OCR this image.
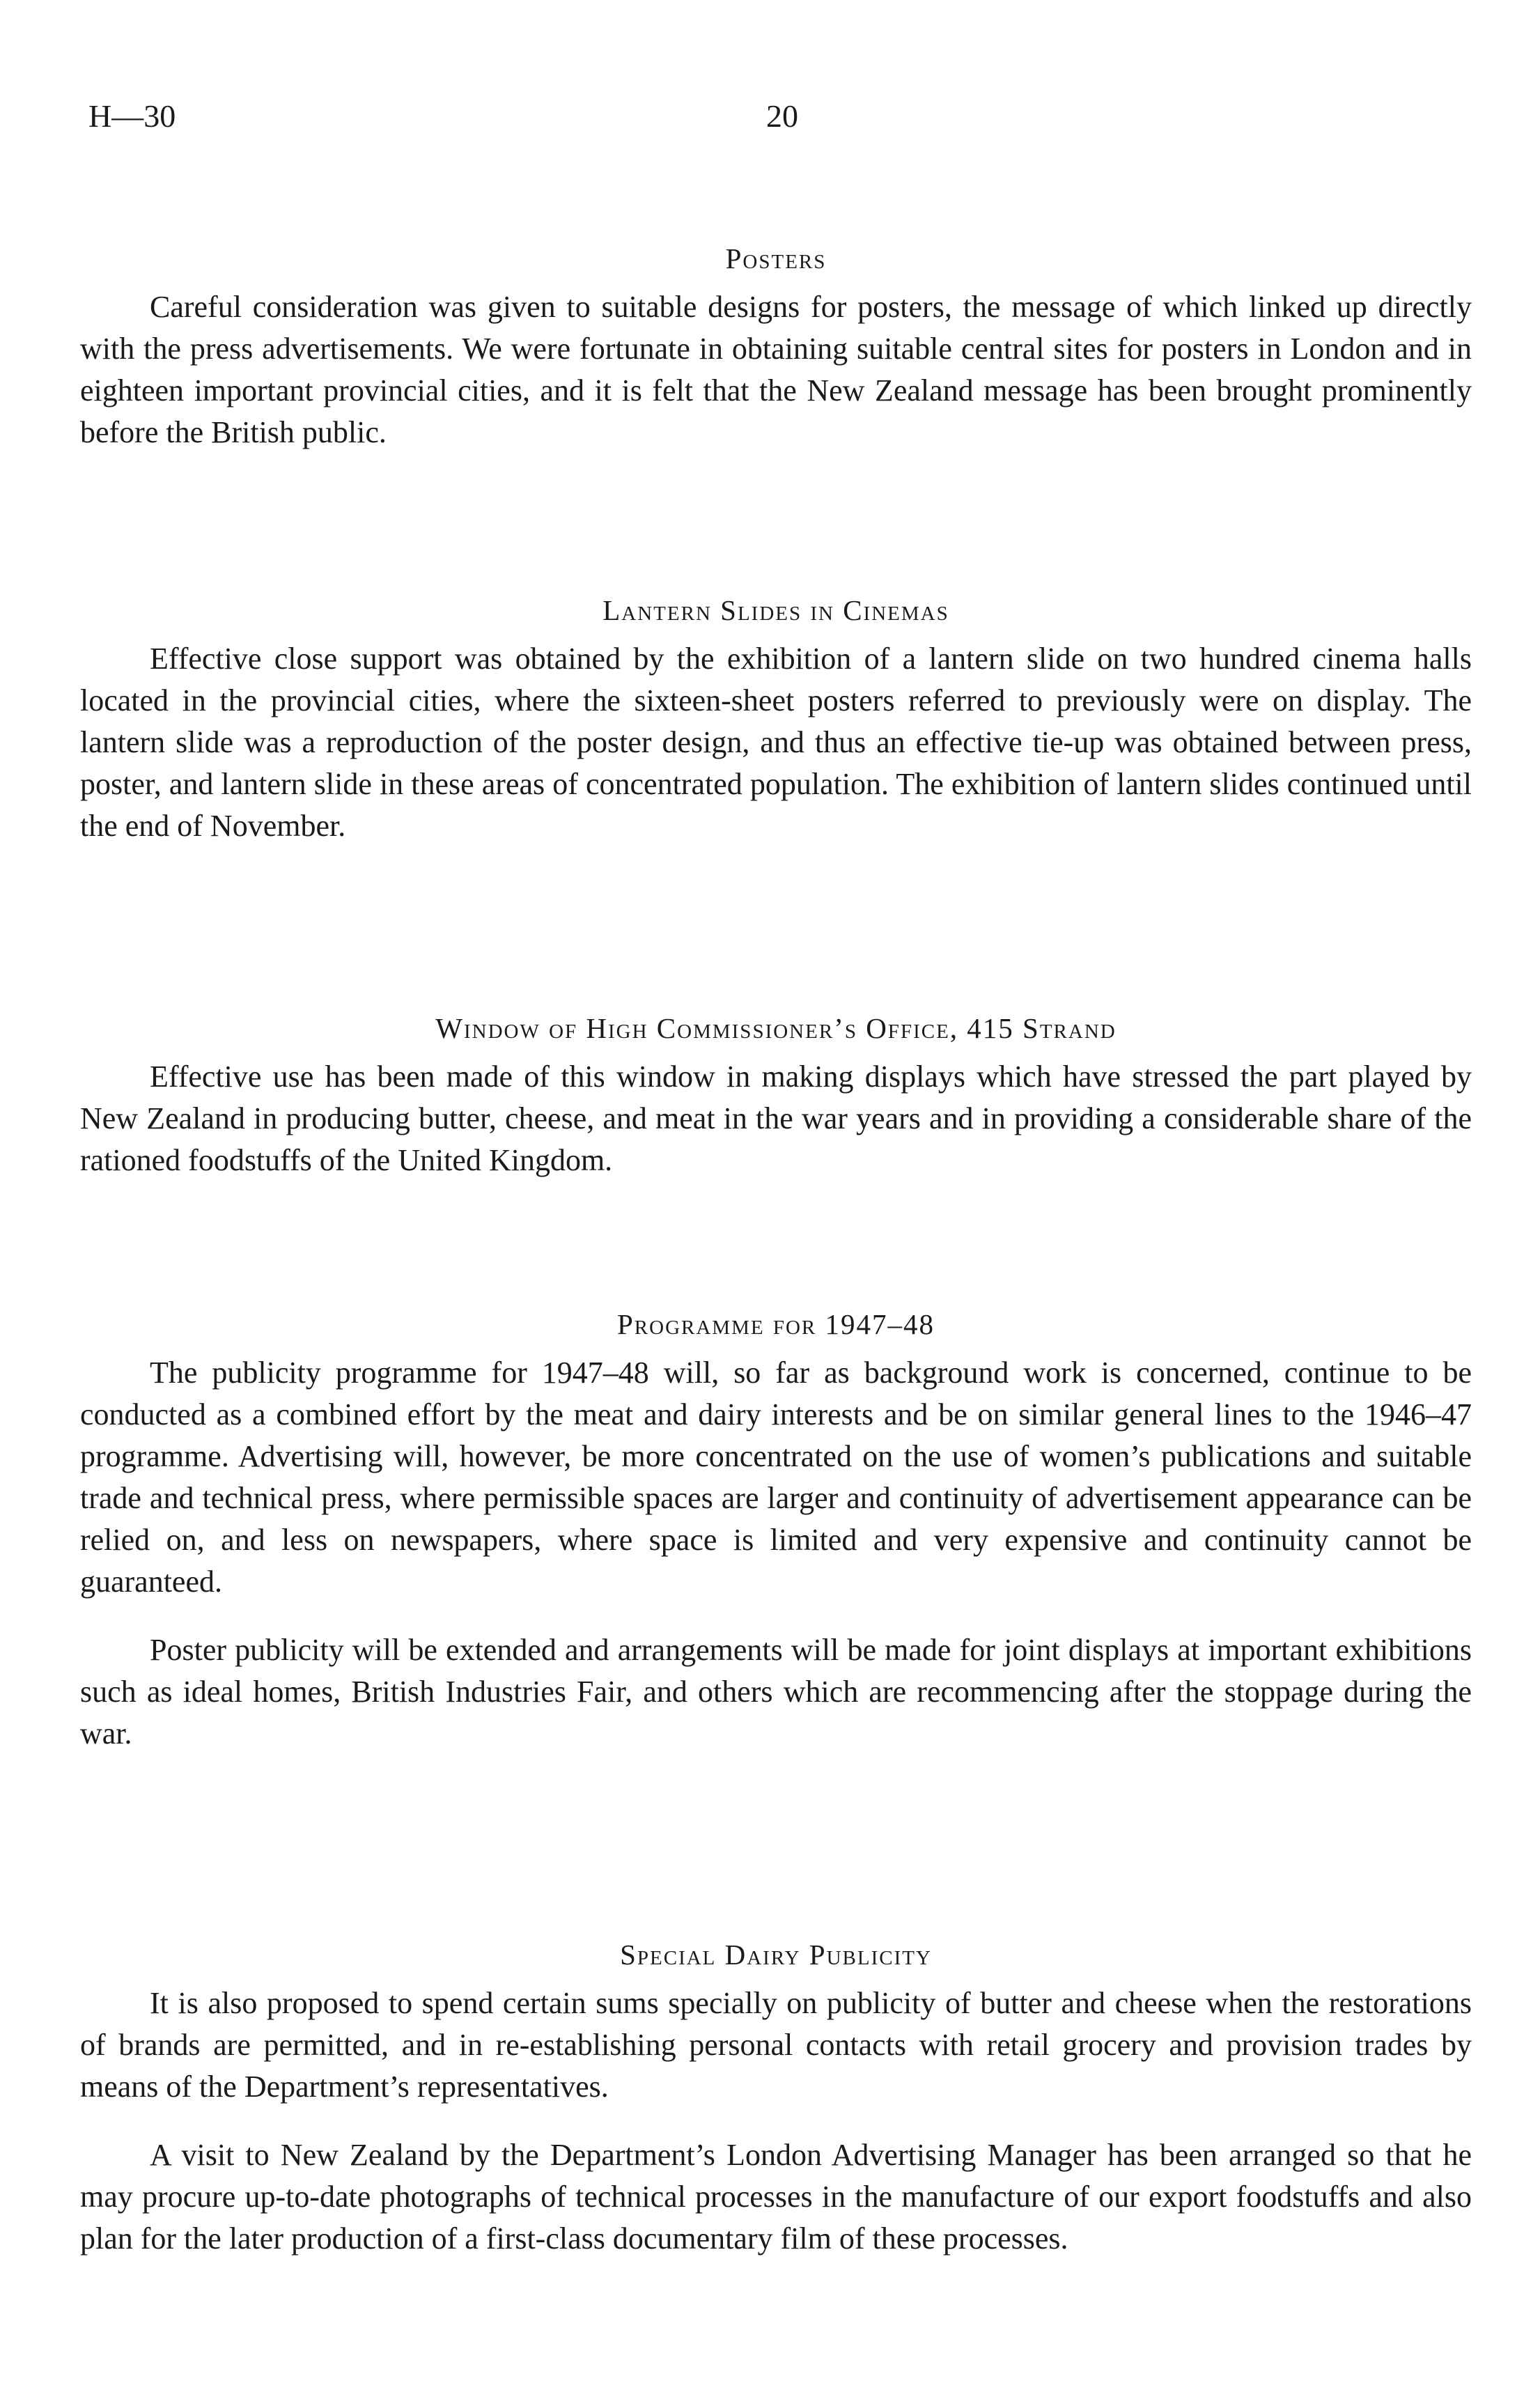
H—30	20
Posters

Careful consideration was given to suitable designs for posters, the message of which linked up directly with the press advertisements. We were fortunate in obtaining suitable central sites for posters in London and in eighteen important provincial cities, and it is felt that the New Zealand message has been brought prominently before the British public.

Lantern Slides in Cinemas

Effective close support was obtained by the exhibition of a lantern slide on two hundred cinema halls located in the provincial cities, where the sixteen-sheet posters referred to previously were on display. The lantern slide was a reproduction of the poster design, and thus an effective tie-up was obtained between press, poster, and lantern slide in these areas of concentrated population. The exhibition of lantern slides continued until the end of November.

Window of High Commissioner’s Office, 415 Strand

Effective use has been made of this window in making displays which have stressed the part played by New Zealand in producing butter, cheese, and meat in the war years and in providing a considerable share of the rationed foodstuffs of the United Kingdom.

Programme for 1947–48

The publicity programme for 1947–48 will, so far as background work is concerned, continue to be conducted as a combined effort by the meat and dairy interests and be on similar general lines to the 1946–47 programme. Advertising will, however, be more concentrated on the use of women’s publications and suitable trade and technical press, where permissible spaces are larger and continuity of advertisement appearance can be relied on, and less on newspapers, where space is limited and very expensive and continuity cannot be guaranteed.

Poster publicity will be extended and arrangements will be made for joint displays at important exhibitions such as ideal homes, British Industries Fair, and others which are recommencing after the stoppage during the war.

Special Dairy Publicity

It is also proposed to spend certain sums specially on publicity of butter and cheese when the restorations of brands are permitted, and in re-establishing personal contacts with retail grocery and provision trades by means of the Department’s representatives.

A visit to New Zealand by the Department’s London Advertising Manager has been arranged so that he may procure up-to-date photographs of technical processes in the manufacture of our export foodstuffs and also plan for the later production of a first-class documentary film of these processes.
